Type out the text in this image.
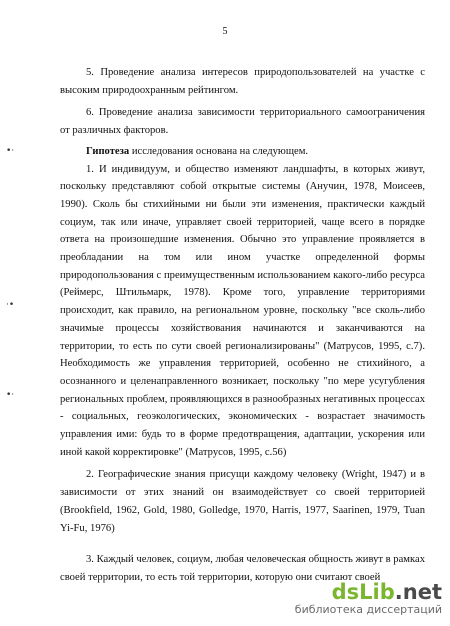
5
•·
·•
•·

5. Проведение анализа интересов природопользователей на участке с высоким природоохранным рейтингом.

6. Проведение анализа зависимости территориального самоограничения от различных факторов.

Гипотеза исследования основана на следующем.

1. И индивидуум, и общество изменяют ландшафты, в которых живут, поскольку представляют собой открытые системы (Анучин, 1978, Моисеев, 1990). Сколь бы стихийными ни были эти изменения, практически каждый социум, так или иначе, управляет своей территорией, чаще всего в порядке ответа на произошедшие изменения. Обычно это управление проявляется в преобладании на том или ином участке определенной формы природопользования с преимущественным использованием какого-либо ресурса (Реймерс, Штильмарк, 1978). Кроме того, управление территориями происходит, как правило, на региональном уровне, поскольку "все сколь-либо значимые процессы хозяйствования начинаются и заканчиваются на территории, то есть по сути своей регионализированы" (Матрусов, 1995, с.7). Необходимость же управления территорией, особенно не стихийного, а осознанного и целенаправленного возникает, поскольку "по мере усугубления региональных проблем, проявляющихся в разнообразных негативных процессах - социальных, геоэкологических, экономических - возрастает значимость управления ими: будь то в форме предотвращения, адаптации, ускорения или иной какой корректировке" (Матрусов, 1995, с.56)

2. Географические знания присущи каждому человеку (Wright, 1947) и в зависимости от этих знаний он взаимодействует со своей территорией (Brookfield, 1962, Gold, 1980, Golledge, 1970, Harris, 1977, Saarinen, 1979, Tuan Yi-Fu, 1976)

3. Каждый человек, социум, любая человеческая общность живут в рамках своей территории, то есть той территории, которую они считают своей

dsLib.net
библиотека диссертаций
